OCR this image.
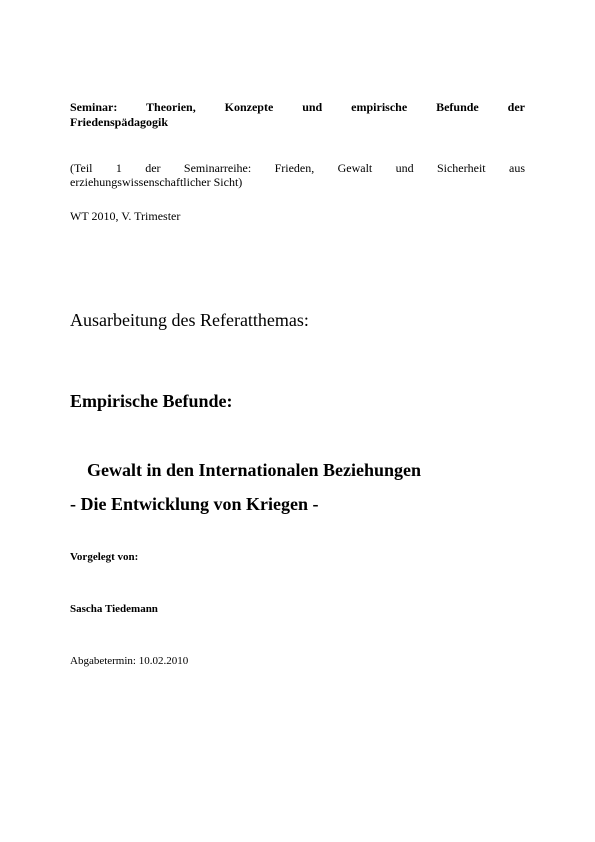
Seminar: Theorien, Konzepte und empirische Befunde der
Friedenspädagogik
(Teil 1 der Seminarreihe: Frieden, Gewalt und Sicherheit aus
erziehungswissenschaftlicher Sicht)
WT 2010, V. Trimester
Ausarbeitung des Referatthemas:
Empirische Befunde:
Gewalt in den Internationalen Beziehungen
- Die Entwicklung von Kriegen -
Vorgelegt von:
Sascha Tiedemann
Abgabetermin: 10.02.2010
